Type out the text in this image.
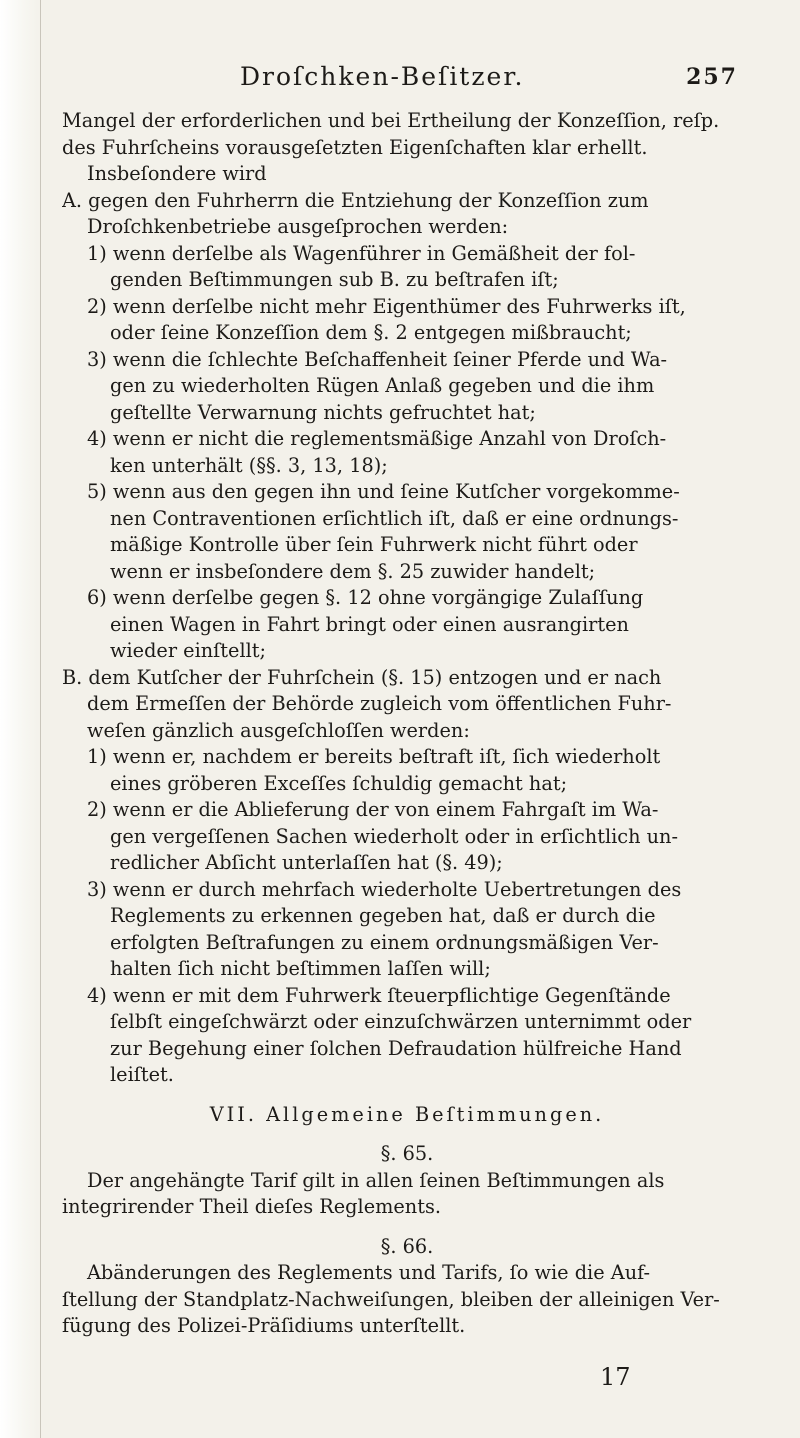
Droſchken-Beſitzer.	257
Mangel der erforderlichen und bei Ertheilung der Konzeſſion, reſp.
des Fuhrſcheins vorausgeſetzten Eigenſchaften klar erhellt.
Insbeſondere wird
A. gegen den Fuhrherrn die Entziehung der Konzeſſion zum
Droſchkenbetriebe ausgeſprochen werden:
1) wenn derſelbe als Wagenführer in Gemäßheit der fol-
genden Beſtimmungen sub B. zu beſtrafen iſt;
2) wenn derſelbe nicht mehr Eigenthümer des Fuhrwerks iſt,
oder ſeine Konzeſſion dem §. 2 entgegen mißbraucht;
3) wenn die ſchlechte Beſchaffenheit ſeiner Pferde und Wa-
gen zu wiederholten Rügen Anlaß gegeben und die ihm
geſtellte Verwarnung nichts gefruchtet hat;
4) wenn er nicht die reglementsmäßige Anzahl von Droſch-
ken unterhält (§§. 3, 13, 18);
5) wenn aus den gegen ihn und ſeine Kutſcher vorgekomme-
nen Contraventionen erſichtlich iſt, daß er eine ordnungs-
mäßige Kontrolle über ſein Fuhrwerk nicht führt oder
wenn er insbeſondere dem §. 25 zuwider handelt;
6) wenn derſelbe gegen §. 12 ohne vorgängige Zulaſſung
einen Wagen in Fahrt bringt oder einen ausrangirten
wieder einſtellt;
B. dem Kutſcher der Fuhrſchein (§. 15) entzogen und er nach
dem Ermeſſen der Behörde zugleich vom öffentlichen Fuhr-
weſen gänzlich ausgeſchloſſen werden:
1) wenn er, nachdem er bereits beſtraft iſt, ſich wiederholt
eines gröberen Exceſſes ſchuldig gemacht hat;
2) wenn er die Ablieferung der von einem Fahrgaſt im Wa-
gen vergeſſenen Sachen wiederholt oder in erſichtlich un-
redlicher Abſicht unterlaſſen hat (§. 49);
3) wenn er durch mehrfach wiederholte Uebertretungen des
Reglements zu erkennen gegeben hat, daß er durch die
erfolgten Beſtrafungen zu einem ordnungsmäßigen Ver-
halten ſich nicht beſtimmen laſſen will;
4) wenn er mit dem Fuhrwerk ſteuerpflichtige Gegenſtände
ſelbſt eingeſchwärzt oder einzuſchwärzen unternimmt oder
zur Begehung einer ſolchen Defraudation hülfreiche Hand
leiſtet.
VII. Allgemeine Beſtimmungen.
§. 65.
Der angehängte Tarif gilt in allen ſeinen Beſtimmungen als
integrirender Theil dieſes Reglements.
§. 66.
Abänderungen des Reglements und Tarifs, ſo wie die Auf-
ſtellung der Standplatz-Nachweiſungen, bleiben der alleinigen Ver-
fügung des Polizei-Präſidiums unterſtellt.
17
